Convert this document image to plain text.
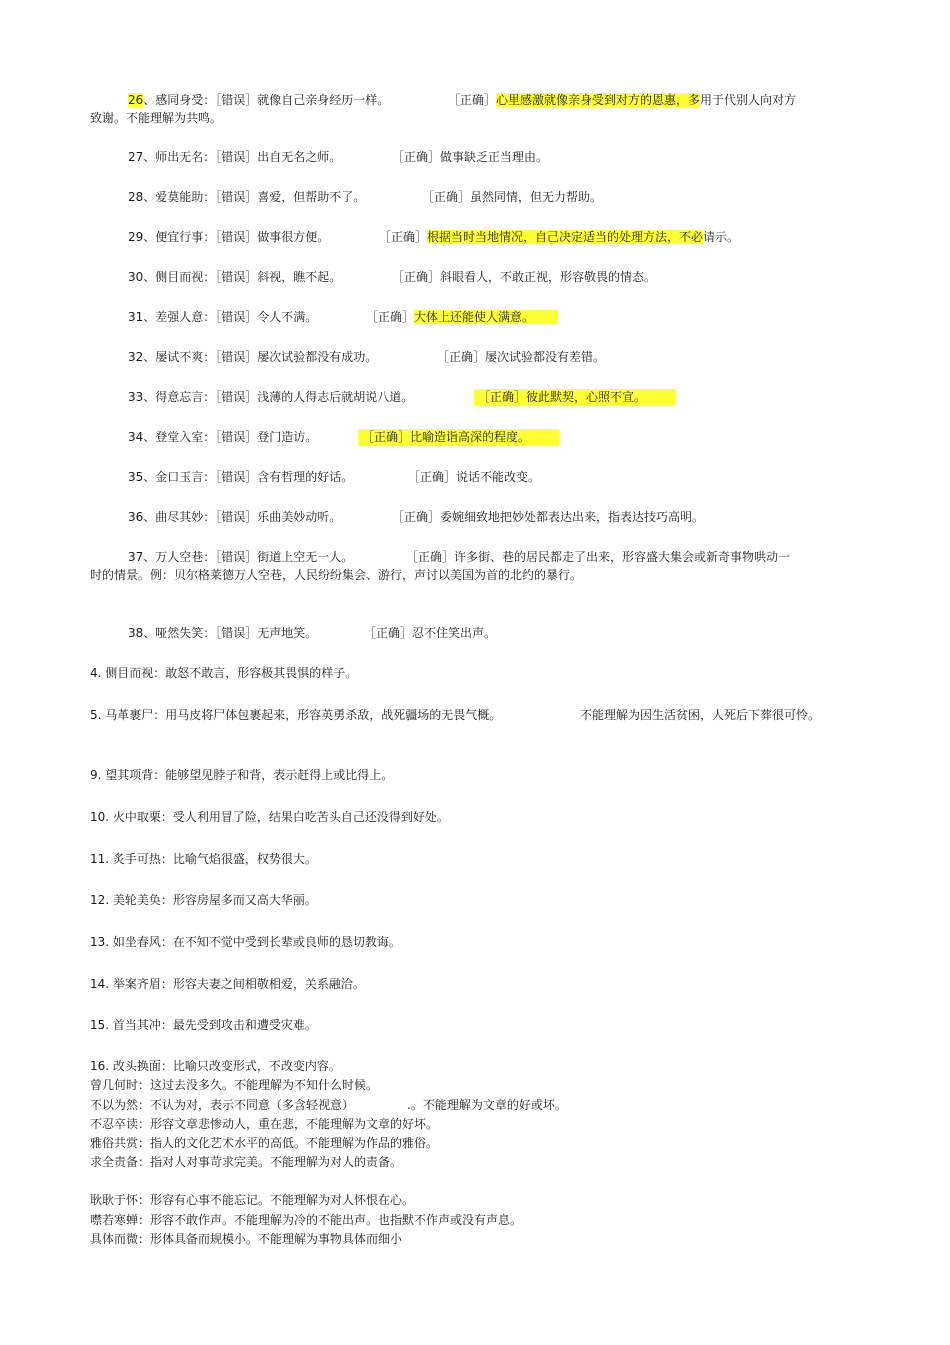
26、感同身受：［错误］就像自己亲身经历一样。	［正确］心里感激就像亲身受到对方的恩惠，多用于代别人向对方
致谢。不能理解为共鸣。
27、师出无名：［错误］出自无名之师。	［正确］做事缺乏正当理由。
28、爱莫能助：［错误］喜爱，但帮助不了。	［正确］虽然同情，但无力帮助。
29、便宜行事：［错误］做事很方便。	［正确］根据当时当地情况，自己决定适当的处理方法，不必请示。
30、侧目而视：［错误］斜视，瞧不起。	［正确］斜眼看人，不敢正视，形容敬畏的情态。
31、差强人意：［错误］令人不满。	［正确］大体上还能使人满意。
32、屡试不爽：［错误］屡次试验都没有成功。	［正确］屡次试验都没有差错。
33、得意忘言：［错误］浅薄的人得志后就胡说八道。	［正确］彼此默契，心照不宣。
34、登堂入室：［错误］登门造访。	［正确］比喻造诣高深的程度。
35、金口玉言：［错误］含有哲理的好话。	［正确］说话不能改变。
36、曲尽其妙：［错误］乐曲美妙动听。	［正确］委婉细致地把妙处都表达出来，指表达技巧高明。
37、万人空巷：［错误］街道上空无一人。	［正确］许多街、巷的居民都走了出来，形容盛大集会或新奇事物哄动一
时的情景。例：贝尔格莱德万人空巷，人民纷纷集会、游行，声讨以美国为首的北约的暴行。
38、哑然失笑：［错误］无声地笑。	［正确］忍不住笑出声。
4. 侧目而视：敢怒不敢言，形容极其畏惧的样子。
5. 马革裹尸：用马皮将尸体包裹起来，形容英勇杀敌，战死疆场的无畏气概。	不能理解为因生活贫困，人死后下葬很可怜。
9. 望其项背：能够望见脖子和背，表示赶得上或比得上。
10. 火中取栗：受人利用冒了险，结果白吃苦头自己还没得到好处。
11. 炙手可热：比喻气焰很盛，权势很大。
12. 美轮美奂：形容房屋多而又高大华丽。
13. 如坐春风：在不知不觉中受到长辈或良师的恳切教诲。
14. 举案齐眉：形容夫妻之间相敬相爱，关系融洽。
15. 首当其冲：最先受到攻击和遭受灾难。
16. 改头换面：比喻只改变形式，不改变内容。
曾几何时：这过去没多久。不能理解为不知什么时候。
不以为然：不认为对，表示不同意（多含轻视意）	.。不能理解为文章的好或坏。
不忍卒读：形容文章悲惨动人，重在悲，不能理解为文章的好坏。
雅俗共赏：指人的文化艺术水平的高低。不能理解为作品的雅俗。
求全责备：指对人对事苛求完美。不能理解为对人的责备。
耿耿于怀：形容有心事不能忘记。不能理解为对人怀恨在心。
噤若寒蝉：形容不敢作声。不能理解为冷的不能出声。也指默不作声或没有声息。
具体而微：形体具备而规模小。不能理解为事物具体而细小
